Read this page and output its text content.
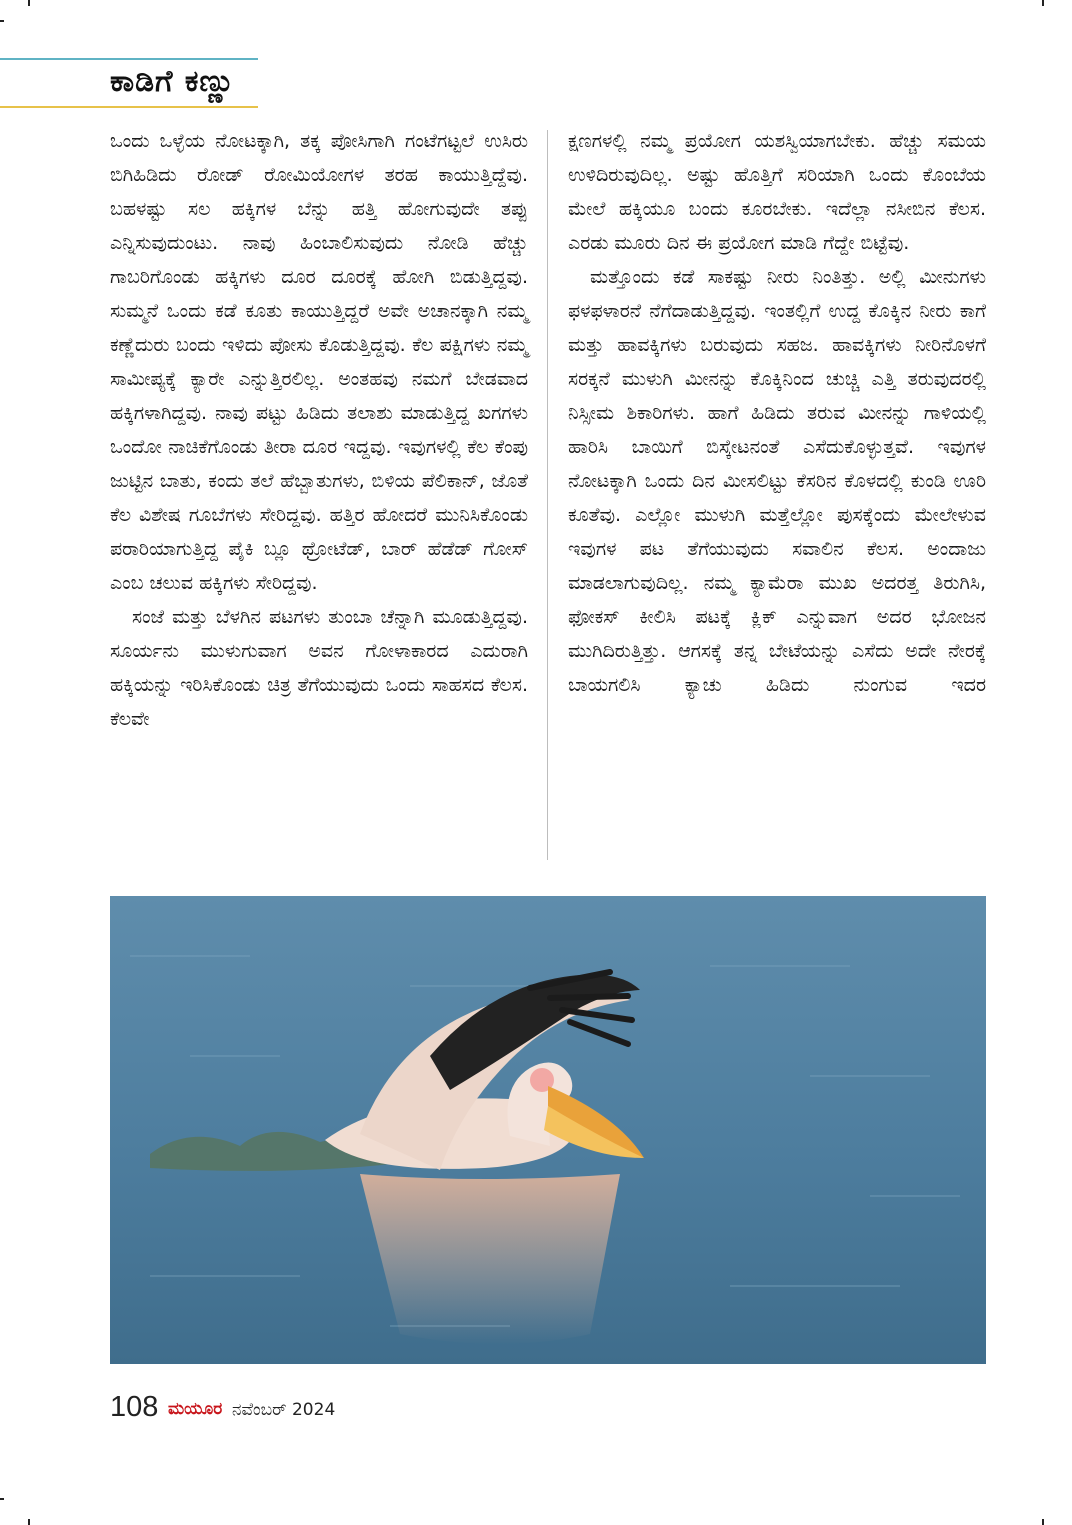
ಕಾಡಿಗೆ ಕಣ್ಣು

ಒಂದು ಒಳ್ಳೆಯ ನೋಟಕ್ಕಾಗಿ, ತಕ್ಕ ಪೋಸಿಗಾಗಿ ಗಂಟೆಗಟ್ಟಲೆ ಉಸಿರು ಬಿಗಿಹಿಡಿದು ರೋಡ್ ರೋಮಿಯೋಗಳ ತರಹ ಕಾಯುತ್ತಿದ್ದೆವು. ಬಹಳಷ್ಟು ಸಲ ಹಕ್ಕಿಗಳ ಬೆನ್ನು ಹತ್ತಿ ಹೋಗುವುದೇ ತಪ್ಪು ಎನ್ನಿಸುವುದುಂಟು. ನಾವು ಹಿಂಬಾಲಿಸುವುದು ನೋಡಿ ಹೆಚ್ಚು ಗಾಬರಿಗೊಂಡು ಹಕ್ಕಿಗಳು ದೂರ ದೂರಕ್ಕೆ ಹೋಗಿ ಬಿಡುತ್ತಿದ್ದವು. ಸುಮ್ಮನೆ ಒಂದು ಕಡೆ ಕೂತು ಕಾಯುತ್ತಿದ್ದರೆ ಅವೇ ಅಚಾನಕ್ಕಾಗಿ ನಮ್ಮ ಕಣ್ಣೆದುರು ಬಂದು ಇಳಿದು ಪೋಸು ಕೊಡುತ್ತಿದ್ದವು. ಕೆಲ ಪಕ್ಷಿಗಳು ನಮ್ಮ ಸಾಮೀಪ್ಯಕ್ಕೆ ಕ್ಯಾರೇ ಎನ್ನುತ್ತಿರಲಿಲ್ಲ. ಅಂತಹವು ನಮಗೆ ಬೇಡವಾದ ಹಕ್ಕಿಗಳಾಗಿದ್ದವು. ನಾವು ಪಟ್ಟು ಹಿಡಿದು ತಲಾಶು ಮಾಡುತ್ತಿದ್ದ ಖಗಗಳು ಒಂದೋ ನಾಚಿಕೆಗೊಂಡು ತೀರಾ ದೂರ ಇದ್ದವು. ಇವುಗಳಲ್ಲಿ ಕೆಲ ಕೆಂಪು ಜುಟ್ಟಿನ ಬಾತು, ಕಂದು ತಲೆ ಹೆಬ್ಬಾತುಗಳು, ಬಿಳಿಯ ಪೆಲಿಕಾನ್, ಜೊತೆ ಕೆಲ ವಿಶೇಷ ಗೂಬೆಗಳು ಸೇರಿದ್ದವು. ಹತ್ತಿರ ಹೋದರೆ ಮುನಿಸಿಕೊಂಡು ಪರಾರಿಯಾಗುತ್ತಿದ್ದ ಪೈಕಿ ಬ್ಲೂ ಥ್ರೋಟೆಡ್, ಬಾರ್ ಹೆಡೆಡ್ ಗೋಸ್ ಎಂಬ ಚಲುವ ಹಕ್ಕಿಗಳು ಸೇರಿದ್ದವು.

ಸಂಜೆ ಮತ್ತು ಬೆಳಗಿನ ಪಟಗಳು ತುಂಬಾ ಚೆನ್ನಾಗಿ ಮೂಡುತ್ತಿದ್ದವು. ಸೂರ್ಯನು ಮುಳುಗುವಾಗ ಅವನ ಗೋಳಾಕಾರದ ಎದುರಾಗಿ ಹಕ್ಕಿಯನ್ನು ಇರಿಸಿಕೊಂಡು ಚಿತ್ರ ತೆಗೆಯುವುದು ಒಂದು ಸಾಹಸದ ಕೆಲಸ. ಕೆಲವೇ

ಕ್ಷಣಗಳಲ್ಲಿ ನಮ್ಮ ಪ್ರಯೋಗ ಯಶಸ್ವಿಯಾಗಬೇಕು. ಹೆಚ್ಚು ಸಮಯ ಉಳಿದಿರುವುದಿಲ್ಲ. ಅಷ್ಟು ಹೊತ್ತಿಗೆ ಸರಿಯಾಗಿ ಒಂದು ಕೊಂಬೆಯ ಮೇಲೆ ಹಕ್ಕಿಯೂ ಬಂದು ಕೂರಬೇಕು. ಇದೆಲ್ಲಾ ನಸೀಬಿನ ಕೆಲಸ. ಎರಡು ಮೂರು ದಿನ ಈ ಪ್ರಯೋಗ ಮಾಡಿ ಗೆದ್ದೇ ಬಿಟ್ಟೆವು.

ಮತ್ತೊಂದು ಕಡೆ ಸಾಕಷ್ಟು ನೀರು ನಿಂತಿತ್ತು. ಅಲ್ಲಿ ಮೀನುಗಳು ಫಳಫಳಾರನೆ ನೆಗೆದಾಡುತ್ತಿದ್ದವು. ಇಂತಲ್ಲಿಗೆ ಉದ್ದ ಕೊಕ್ಕಿನ ನೀರು ಕಾಗೆ ಮತ್ತು ಹಾವಕ್ಕಿಗಳು ಬರುವುದು ಸಹಜ. ಹಾವಕ್ಕಿಗಳು ನೀರಿನೊಳಗೆ ಸರಕ್ಕನೆ ಮುಳುಗಿ ಮೀನನ್ನು ಕೊಕ್ಕಿನಿಂದ ಚುಚ್ಚಿ ಎತ್ತಿ ತರುವುದರಲ್ಲಿ ನಿಸ್ಸೀಮ ಶಿಕಾರಿಗಳು. ಹಾಗೆ ಹಿಡಿದು ತರುವ ಮೀನನ್ನು ಗಾಳಿಯಲ್ಲಿ ಹಾರಿಸಿ ಬಾಯಿಗೆ ಬಿಸ್ಕೇಟನಂತೆ ಎಸೆದುಕೊಳ್ಳುತ್ತವೆ. ಇವುಗಳ ನೋಟಕ್ಕಾಗಿ ಒಂದು ದಿನ ಮೀಸಲಿಟ್ಟು ಕೆಸರಿನ ಕೊಳದಲ್ಲಿ ಕುಂಡಿ ಊರಿ ಕೂತೆವು. ಎಲ್ಲೋ ಮುಳುಗಿ ಮತ್ತೆಲ್ಲೋ ಪುಸಕ್ಕೆಂದು ಮೇಲೇಳುವ ಇವುಗಳ ಪಟ ತೆಗೆಯುವುದು ಸವಾಲಿನ ಕೆಲಸ. ಅಂದಾಜು ಮಾಡಲಾಗುವುದಿಲ್ಲ. ನಮ್ಮ ಕ್ಯಾಮೆರಾ ಮುಖ ಅದರತ್ತ ತಿರುಗಿಸಿ, ಫೋಕಸ್ ಕೀಲಿಸಿ ಪಟಕ್ಕೆ ಕ್ಲಿಕ್ ಎನ್ನುವಾಗ ಅದರ ಭೋಜನ ಮುಗಿದಿರುತ್ತಿತ್ತು. ಆಗಸಕ್ಕೆ ತನ್ನ ಬೇಟೆಯನ್ನು ಎಸೆದು ಅದೇ ನೇರಕ್ಕೆ ಬಾಯಗಲಿಸಿ ಕ್ಯಾಚು ಹಿಡಿದು ನುಂಗುವ ಇದರ

108 ಮಯೂರ ನವೆಂಬರ್ 2024
